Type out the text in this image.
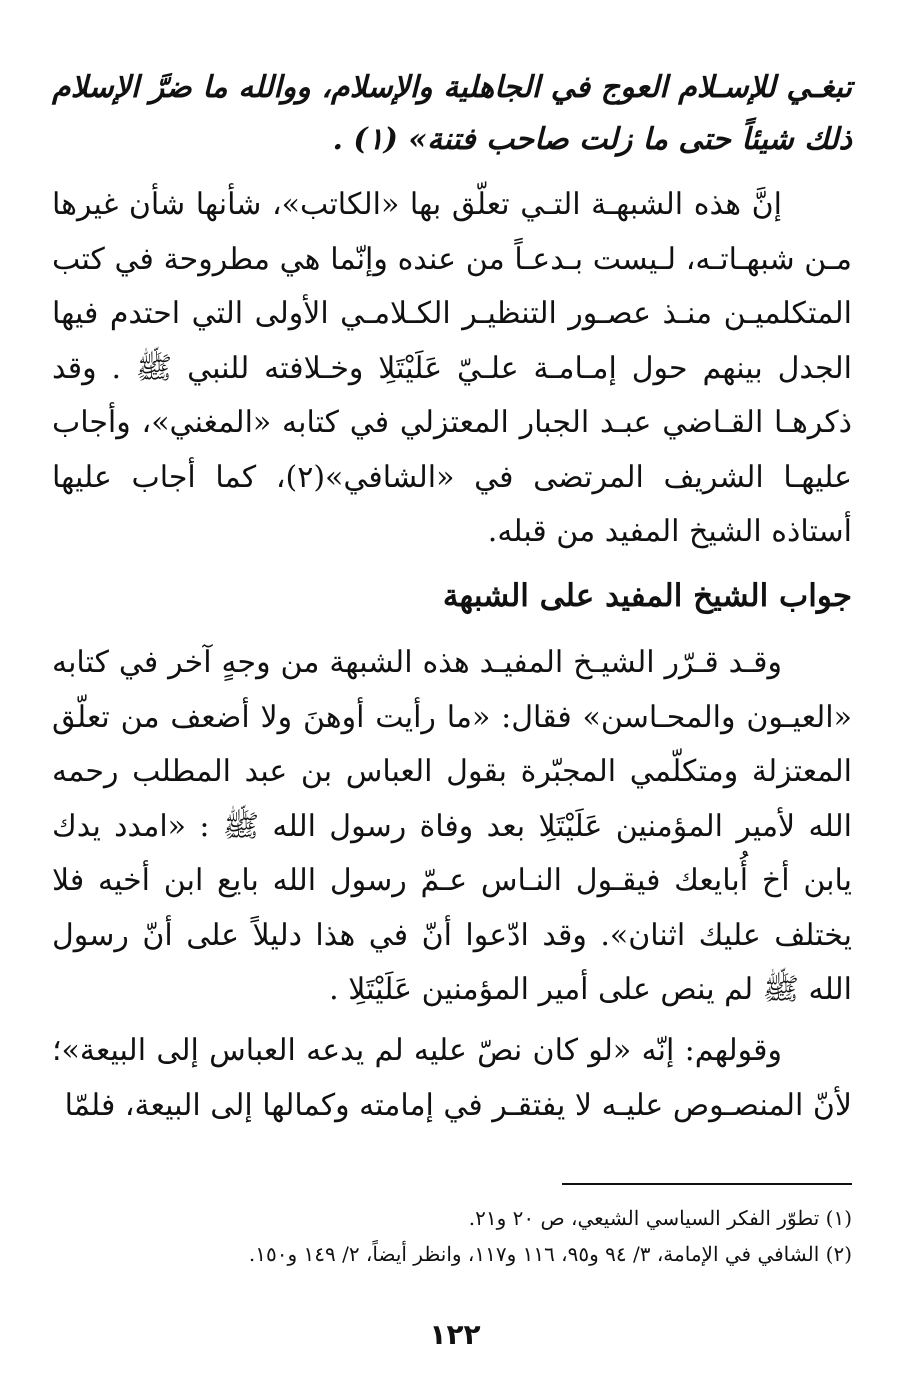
تبغـي للإسـلام العوج في الجاهلية والإسلام، ووالله ما ضرَّ الإسلام ذلك شيئاً حتى ما زلت صاحب فتنة» (١) .
إنَّ هذه الشبهـة التـي تعلّق بها «الكاتب»، شأنها شأن غيرها مـن شبهـاتـه، لـيست بـدعـاً من عنده وإنّما هي مطروحة في كتب المتكلميـن منـذ عصـور التنظيـر الكـلامـي الأولى التي احتدم فيها الجدل بينهم حول إمـامـة علـيّ عَلَيْتَلِا وخـلافته للنبي ﷺ . وقد ذكرهـا القـاضي عبـد الجبار المعتزلي في كتابه «المغني»، وأجاب عليهـا الشريف المرتضى في «الشافي»(٢)، كما أجاب عليها أستاذه الشيخ المفيد من قبله.
جواب الشيخ المفيد على الشبهة
وقـد قـرّر الشيـخ المفيـد هذه الشبهة من وجهٍ آخر في كتابه «العيـون والمحـاسن» فقال: «ما رأيت أوهنَ ولا أضعف من تعلّق المعتزلة ومتكلّمي المجبّرة بقول العباس بن عبد المطلب رحمه الله لأمير المؤمنين عَلَيْتَلِا بعد وفاة رسول الله ﷺ : «امدد يدك يابن أخ أُبايعك فيقـول النـاس عـمّ رسول الله بايع ابن أخيه فلا يختلف عليك اثنان». وقد ادّعوا أنّ في هذا دليلاً على أنّ رسول الله ﷺ لم ينص على أمير المؤمنين عَلَيْتَلِا .
وقولهم: إنّه «لو كان نصّ عليه لم يدعه العباس إلى البيعة»؛ لأنّ المنصـوص عليـه لا يفتقـر في إمامته وكمالها إلى البيعة، فلمّا
(١) تطوّر الفكر السياسي الشيعي، ص ٢٠ و٢١.
(٢) الشافي في الإمامة، ٣/ ٩٤ و٩٥، ١١٦ و١١٧، وانظر أيضاً، ٢/ ١٤٩ و١٥٠.
١٢٢
